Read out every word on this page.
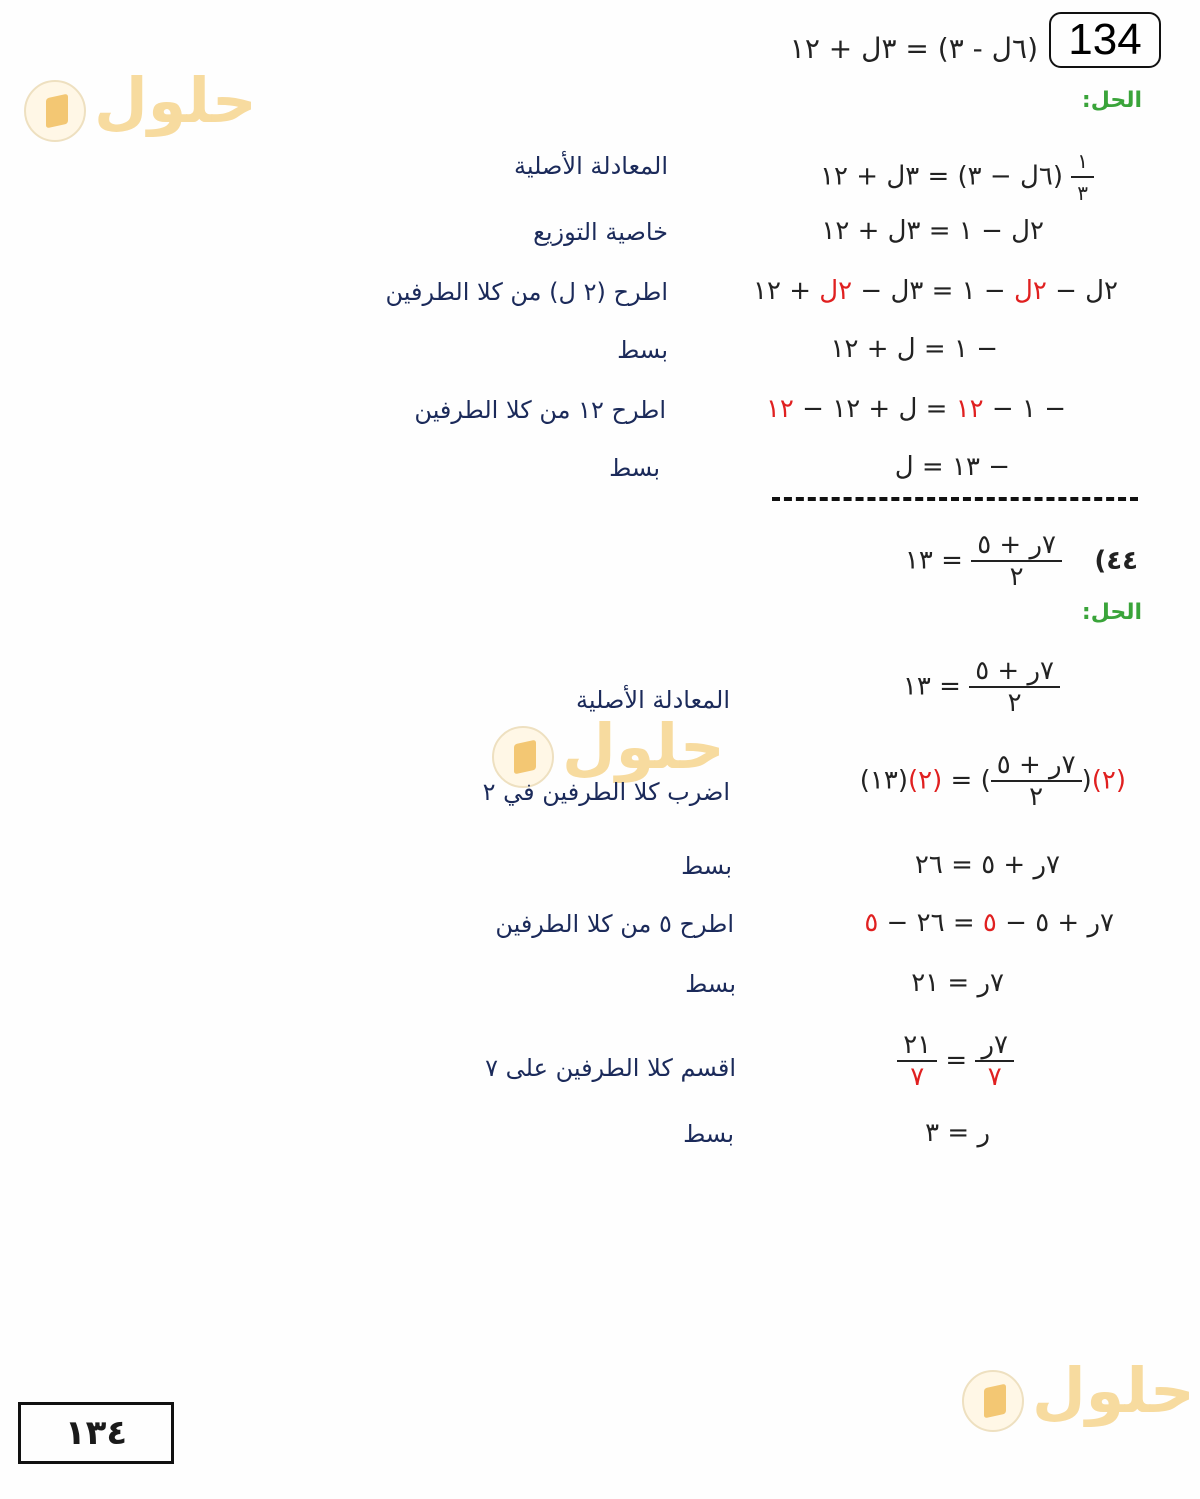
حلول
حلول
حلول
134
(٦ل - ٣) = ٣ل + ١٢
الحل:
$\frac{١}{٣}$
(٦ل − ٣) = ٣ل + ١٢
المعادلة الأصلية
٢ل − ١ = ٣ل + ١٢
خاصية التوزيع
٢ل − ٢ل − ١ = ٣ل − ٢ل + ١٢
اطرح (٢ ل) من كلا الطرفين
− ١ = ل + ١٢
بسط
− ١ − ١٢ = ل + ١٢ − ١٢
اطرح ١٢ من كلا الطرفين
− ١٣ = ل
بسط
٤٤)
$\frac{\text{٧ر + ٥}}{٢}$
= ١٣
الحل:
$\frac{\text{٧ر + ٥}}{٢}$
= ١٣
المعادلة الأصلية
(٢)(
$\frac{\text{٧ر + ٥}}{٢}$
) = (٢)(١٣)
اضرب كلا الطرفين في ٢
٧ر + ٥ = ٢٦
بسط
٧ر + ٥ − ٥ = ٢٦ − ٥
اطرح ٥ من كلا الطرفين
٧ر = ٢١
بسط
$\frac{\text{٧ر}}{٧}$
=
$\frac{٢١}{٧}$
اقسم كلا الطرفين على ٧
ر = ٣
بسط
١٣٤
